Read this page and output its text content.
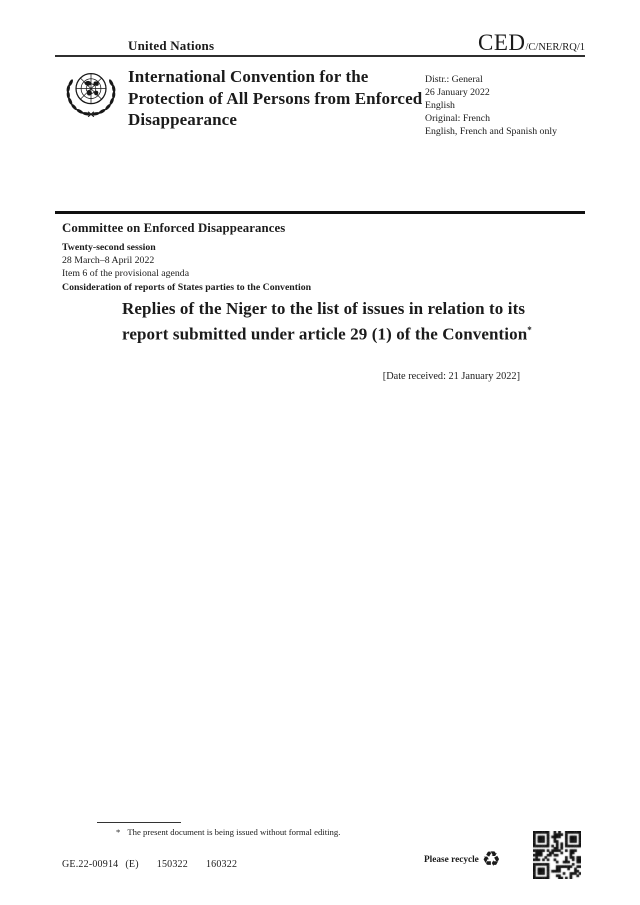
United Nations	CED/C/NER/RQ/1
International Convention for the Protection of All Persons from Enforced Disappearance
Distr.: General
26 January 2022
English
Original: French
English, French and Spanish only
Committee on Enforced Disappearances
Twenty-second session
28 March–8 April 2022
Item 6 of the provisional agenda
Consideration of reports of States parties to the Convention
Replies of the Niger to the list of issues in relation to its report submitted under article 29 (1) of the Convention*
[Date received: 21 January 2022]
* The present document is being issued without formal editing.
GE.22-00914 (E) 150322 160322	Please recycle ♻
